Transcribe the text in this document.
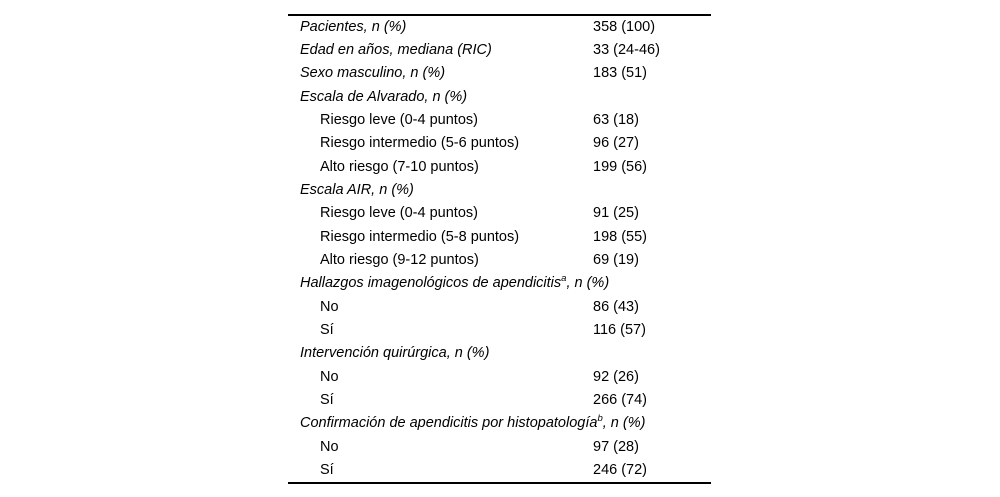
Pacientes, n (%)	358 (100)
Edad en años, mediana (RIC)	33 (24-46)
Sexo masculino, n (%)	183 (51)
Escala de Alvarado, n (%)
Riesgo leve (0-4 puntos)	63 (18)
Riesgo intermedio (5-6 puntos)	96 (27)
Alto riesgo (7-10 puntos)	199 (56)
Escala AIR, n (%)
Riesgo leve (0-4 puntos)	91 (25)
Riesgo intermedio (5-8 puntos)	198 (55)
Alto riesgo (9-12 puntos)	69 (19)
Hallazgos imagenológicos de apendicitis$^a$, n (%)
No	86 (43)
Sí	116 (57)
Intervención quirúrgica, n (%)
No	92 (26)
Sí	266 (74)
Confirmación de apendicitis por histopatología$^b$, n (%)
No	97 (28)
Sí	246 (72)
